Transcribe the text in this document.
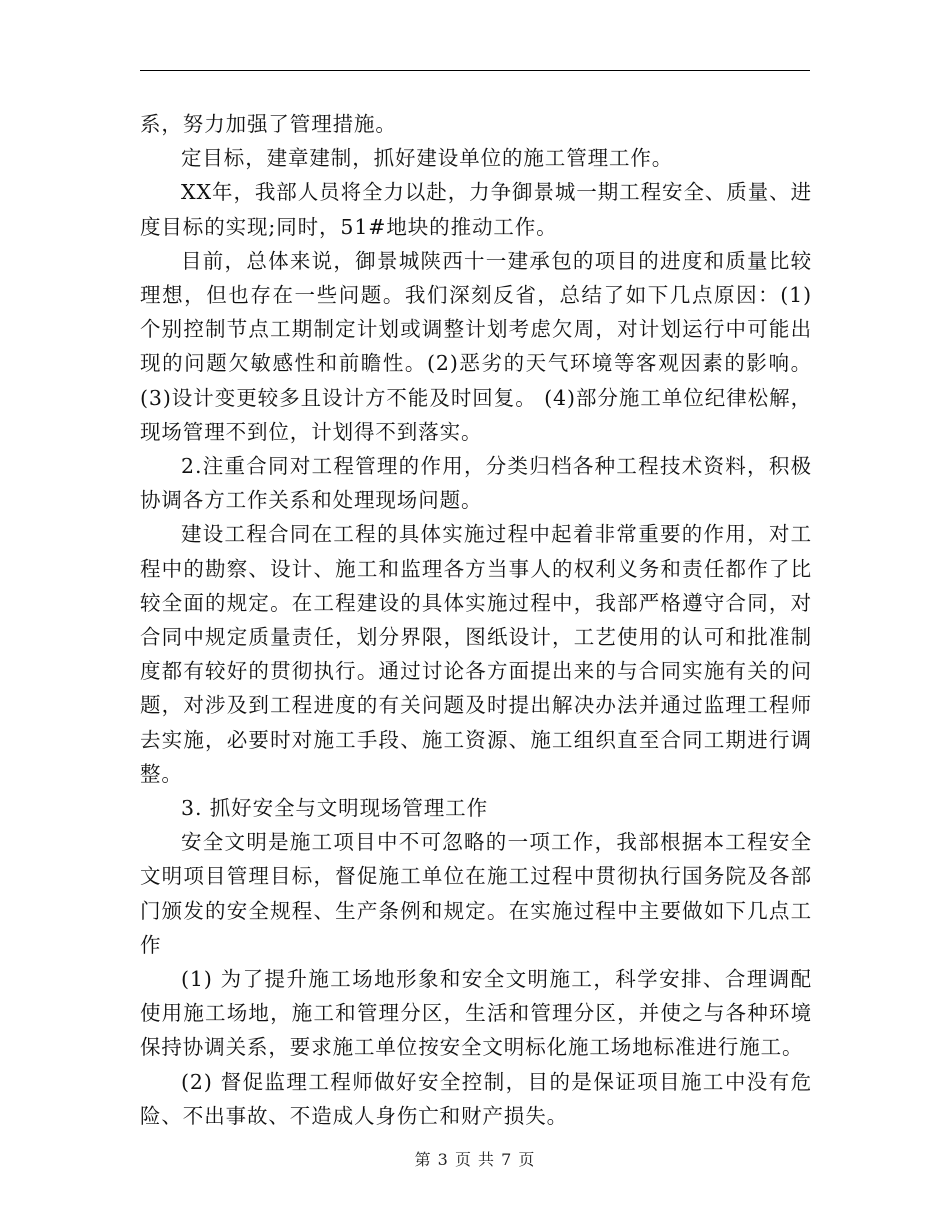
系，努力加强了管理措施。

定目标，建章建制，抓好建设单位的施工管理工作。

XX年，我部人员将全力以赴，力争御景城一期工程安全、质量、进度目标的实现;同时，51#地块的推动工作。

目前，总体来说，御景城陕西十一建承包的项目的进度和质量比较理想，但也存在一些问题。我们深刻反省，总结了如下几点原因：(1)个别控制节点工期制定计划或调整计划考虑欠周，对计划运行中可能出现的问题欠敏感性和前瞻性。(2)恶劣的天气环境等客观因素的影响。(3)设计变更较多且设计方不能及时回复。 (4)部分施工单位纪律松解，现场管理不到位，计划得不到落实。

2.注重合同对工程管理的作用，分类归档各种工程技术资料，积极协调各方工作关系和处理现场问题。

建设工程合同在工程的具体实施过程中起着非常重要的作用，对工程中的勘察、设计、施工和监理各方当事人的权利义务和责任都作了比较全面的规定。在工程建设的具体实施过程中，我部严格遵守合同，对合同中规定质量责任，划分界限，图纸设计，工艺使用的认可和批准制度都有较好的贯彻执行。通过讨论各方面提出来的与合同实施有关的问题，对涉及到工程进度的有关问题及时提出解决办法并通过监理工程师去实施，必要时对施工手段、施工资源、施工组织直至合同工期进行调整。

3. 抓好安全与文明现场管理工作

安全文明是施工项目中不可忽略的一项工作，我部根据本工程安全文明项目管理目标，督促施工单位在施工过程中贯彻执行国务院及各部门颁发的安全规程、生产条例和规定。在实施过程中主要做如下几点工作

(1) 为了提升施工场地形象和安全文明施工，科学安排、合理调配使用施工场地，施工和管理分区，生活和管理分区，并使之与各种环境保持协调关系，要求施工单位按安全文明标化施工场地标准进行施工。

(2) 督促监理工程师做好安全控制，目的是保证项目施工中没有危险、不出事故、不造成人身伤亡和财产损失。

第 3 页 共 7 页
